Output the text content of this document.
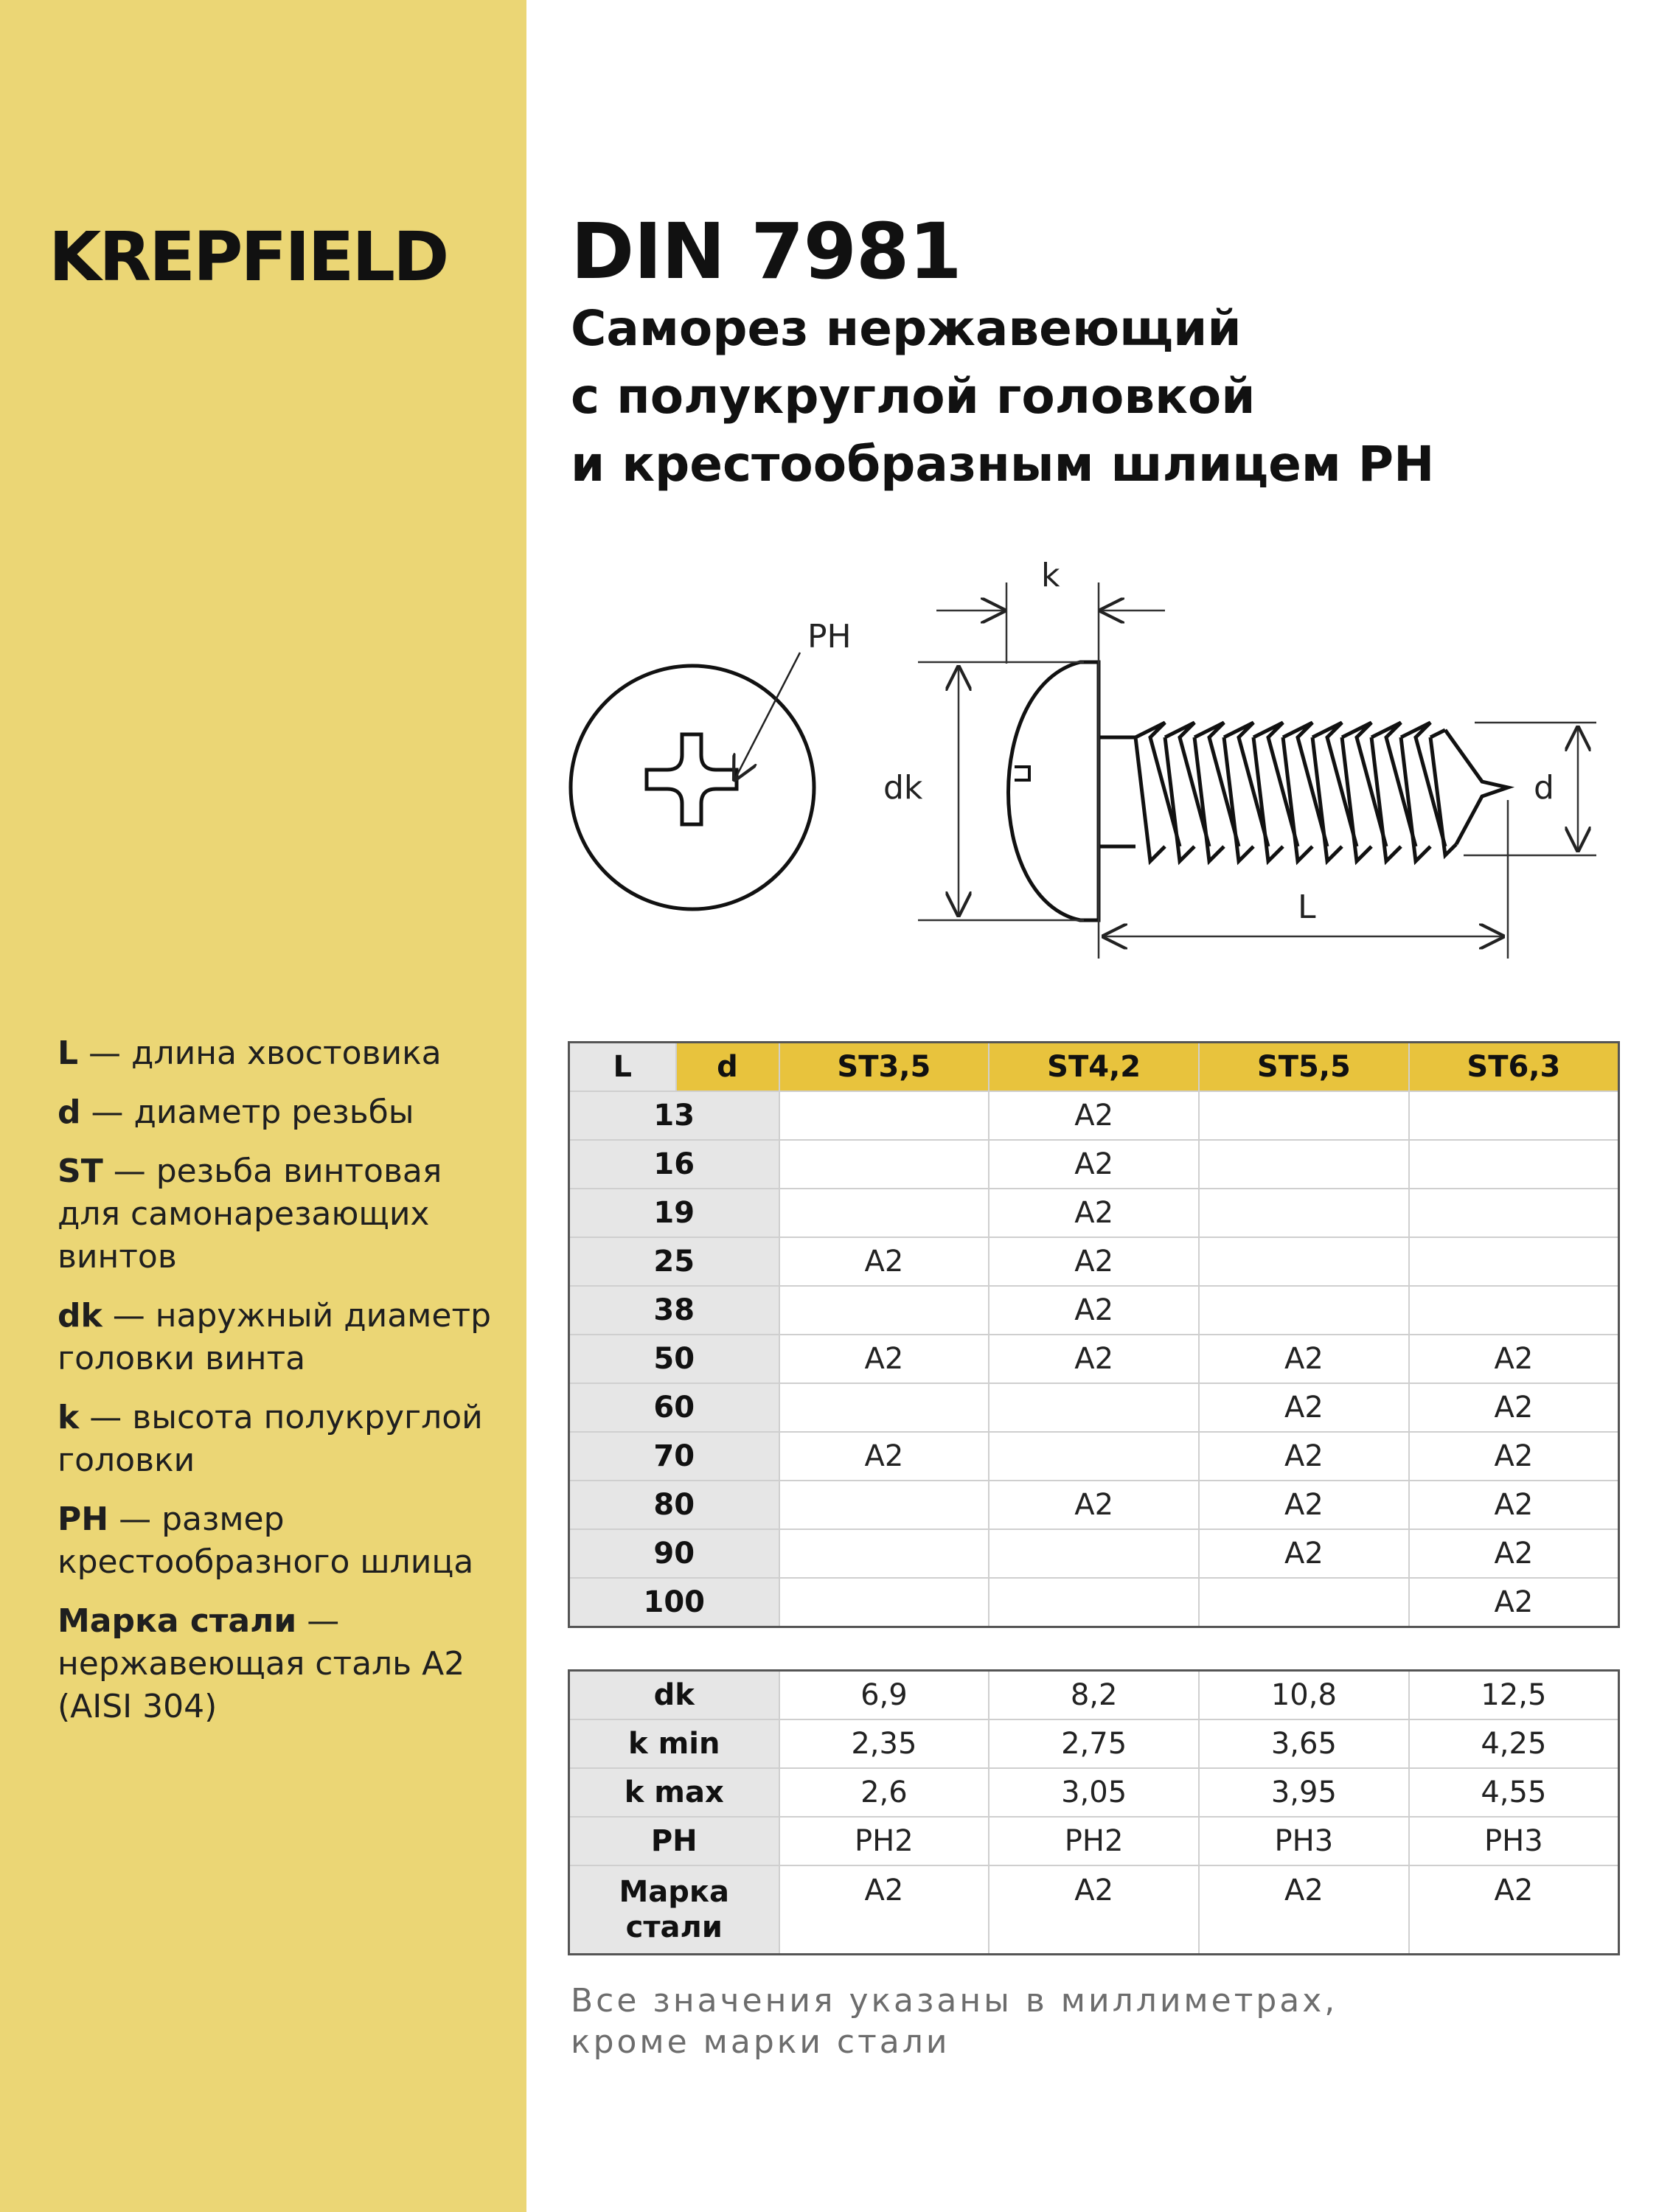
KREPFIELD
L — длина хвостовика
d — диаметр резьбы
ST — резьба винтовая для самонарезающих винтов
dk — наружный диаметр головки винта
k — высота полукруглой головки
PH — размер крестообразного шлица
Марка стали — нержавеющая сталь A2 (AISI 304)
DIN 7981
Саморез нержавеющий
с полукруглой головкой
и крестообразным шлицем PH
PH
k
dk	d
L
L	d	ST3,5	ST4,2	ST5,5	ST6,3
13			A2		
16			A2		
19			A2		
25		A2	A2		
38			A2		
50		A2	A2	A2	A2
60				A2	A2
70		A2		A2	A2
80			A2	A2	A2
90				A2	A2
100					A2
dk	6,9	8,2	10,8	12,5
k min	2,35	2,75	3,65	4,25
k max	2,6	3,05	3,95	4,55
PH	PH2	PH2	PH3	PH3
Марка
стали	A2	A2	A2	A2
Все значения указаны в миллиметрах,
кроме марки стали
